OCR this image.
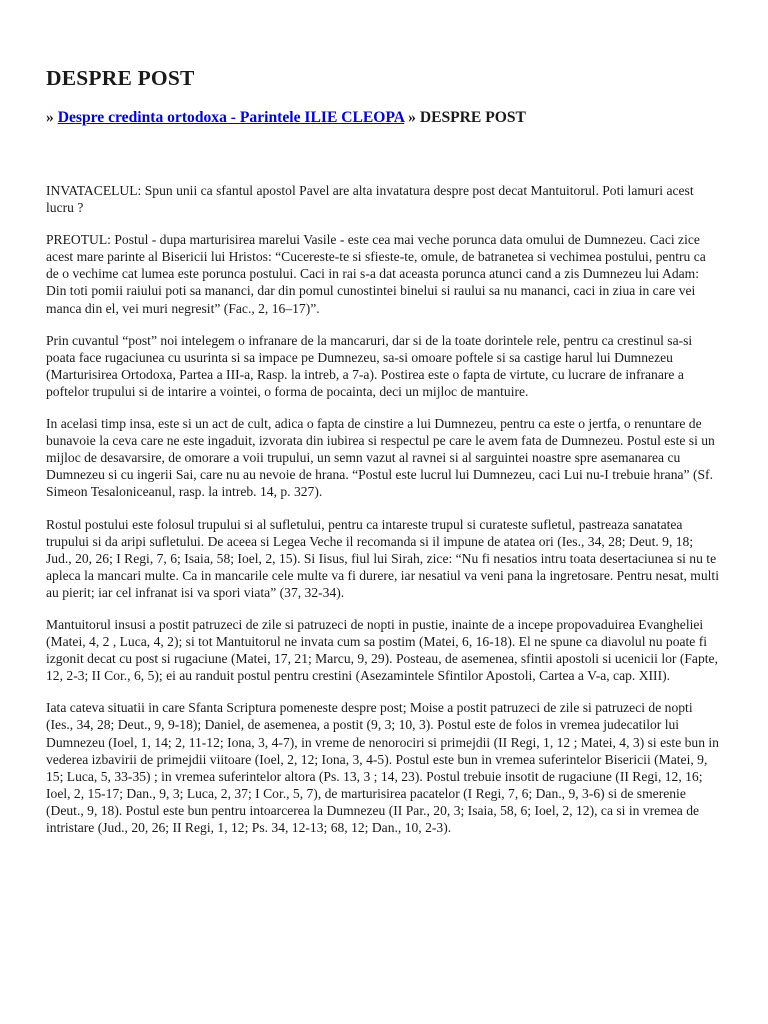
DESPRE POST
» Despre credinta ortodoxa - Parintele ILIE CLEOPA » DESPRE POST

INVATACELUL: Spun unii ca sfantul apostol Pavel are alta invatatura despre post decat Mantuitorul. Poti lamuri acest lucru ?

PREOTUL: Postul - dupa marturisirea marelui Vasile - este cea mai veche porunca data omului de Dumnezeu. Caci zice acest mare parinte al Bisericii lui Hristos: “Cucereste-te si sfieste-te, omule, de batranetea si vechimea postului, pentru ca de o vechime cat lumea este porunca postului. Caci in rai s-a dat aceasta porunca atunci cand a zis Dumnezeu lui Adam: Din toti pomii raiului poti sa mananci, dar din pomul cunostintei binelui si raului sa nu mananci, caci in ziua in care vei manca din el, vei muri negresit” (Fac., 2, 16–17)”.

Prin cuvantul “post” noi intelegem o infranare de la mancaruri, dar si de la toate dorintele rele, pentru ca crestinul sa-si poata face rugaciunea cu usurinta si sa impace pe Dumnezeu, sa-si omoare poftele si sa castige harul lui Dumnezeu (Marturisirea Ortodoxa, Partea a III-a, Rasp. la intreb, a 7-a). Postirea este o fapta de virtute, cu lucrare de infranare a poftelor trupului si de intarire a vointei, o forma de pocainta, deci un mijloc de mantuire.

In acelasi timp insa, este si un act de cult, adica o fapta de cinstire a lui Dumnezeu, pentru ca este o jertfa, o renuntare de bunavoie la ceva care ne este ingaduit, izvorata din iubirea si respectul pe care le avem fata de Dumnezeu. Postul este si un mijloc de desavarsire, de omorare a voii trupului, un semn vazut al ravnei si al sarguintei noastre spre asemanarea cu Dumnezeu si cu ingerii Sai, care nu au nevoie de hrana. “Postul este lucrul lui Dumnezeu, caci Lui nu-I trebuie hrana” (Sf. Simeon Tesaloniceanul, rasp. la intreb. 14, p. 327).

Rostul postului este folosul trupului si al sufletului, pentru ca intareste trupul si curateste sufletul, pastreaza sanatatea trupului si da aripi sufletului. De aceea si Legea Veche il recomanda si il impune de atatea ori (Ies., 34, 28; Deut. 9, 18; Jud., 20, 26; I Regi, 7, 6; Isaia, 58; Ioel, 2, 15). Si Iisus, fiul lui Sirah, zice: “Nu fi nesatios intru toata desertaciunea si nu te apleca la mancari multe. Ca in mancarile cele multe va fi durere, iar nesatiul va veni pana la ingretosare. Pentru nesat, multi au pierit; iar cel infranat isi va spori viata” (37, 32-34).

Mantuitorul insusi a postit patruzeci de zile si patruzeci de nopti in pustie, inainte de a incepe propovaduirea Evangheliei (Matei, 4, 2 , Luca, 4, 2); si tot Mantuitorul ne invata cum sa postim (Matei, 6, 16-18). El ne spune ca diavolul nu poate fi izgonit decat cu post si rugaciune (Matei, 17, 21; Marcu, 9, 29). Posteau, de asemenea, sfintii apostoli si ucenicii lor (Fapte, 12, 2-3; II Cor., 6, 5); ei au randuit postul pentru crestini (Asezamintele Sfintilor Apostoli, Cartea a V-a, cap. XIII).

Iata cateva situatii in care Sfanta Scriptura pomeneste despre post; Moise a postit patruzeci de zile si patruzeci de nopti (Ies., 34, 28; Deut., 9, 9-18); Daniel, de asemenea, a postit (9, 3; 10, 3). Postul este de folos in vremea judecatilor lui Dumnezeu (Ioel, 1, 14; 2, 11-12; Iona, 3, 4-7), in vreme de nenorociri si primejdii (II Regi, 1, 12 ; Matei, 4, 3) si este bun in vederea izbavirii de primejdii viitoare (Ioel, 2, 12; Iona, 3, 4-5). Postul este bun in vremea suferintelor Bisericii (Matei, 9, 15; Luca, 5, 33-35) ; in vremea suferintelor altora (Ps. 13, 3 ; 14, 23). Postul trebuie insotit de rugaciune (II Regi, 12, 16; Ioel, 2, 15-17; Dan., 9, 3; Luca, 2, 37; I Cor., 5, 7), de marturisirea pacatelor (I Regi, 7, 6; Dan., 9, 3-6) si de smerenie (Deut., 9, 18). Postul este bun pentru intoarcerea la Dumnezeu (II Par., 20, 3; Isaia, 58, 6; Ioel, 2, 12), ca si in vremea de intristare (Jud., 20, 26; II Regi, 1, 12; Ps. 34, 12-13; 68, 12; Dan., 10, 2-3).
